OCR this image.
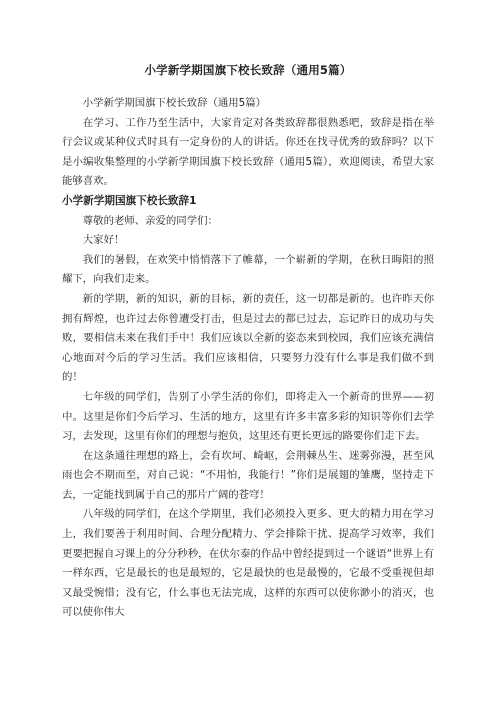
小学新学期国旗下校长致辞（通用5篇）

小学新学期国旗下校长致辞（通用5篇）

在学习、工作乃至生活中，大家肯定对各类致辞都很熟悉吧，致辞是指在举行会议或某种仪式时具有一定身份的人的讲话。你还在找寻优秀的致辞吗？以下是小编收集整理的小学新学期国旗下校长致辞（通用5篇），欢迎阅读，希望大家能够喜欢。

小学新学期国旗下校长致辞1

尊敬的老师、亲爱的同学们：

大家好！

我们的暑假，在欢笑中悄悄落下了帷幕，一个崭新的学期，在秋日晦阳的照耀下，向我们走来。

新的学期，新的知识，新的目标，新的责任，这一切都是新的。也许昨天你拥有辉煌，也许过去你曾遭受打击，但是过去的都已过去，忘记昨日的成功与失败，要相信未来在我们手中！我们应该以全新的姿态来到校园，我们应该充满信心地面对今后的学习生活。我们应该相信，只要努力没有什么事是我们做不到的！

七年级的同学们，告别了小学生活的你们，即将走入一个新奇的世界——初中。这里是你们今后学习、生活的地方，这里有许多丰富多彩的知识等你们去学习，去发现，这里有你们的理想与抱负，这里还有更长更远的路要你们走下去。

在这条通往理想的路上，会有坎坷、崎岖，会荆棘丛生、迷雾弥漫，甚至风雨也会不期而至，对自己说：“不用怕，我能行！”你们是展翅的雏鹰，坚持走下去，一定能找到属于自己的那片广阔的苍穹！

八年级的同学们，在这个学期里，我们必须投入更多、更大的精力用在学习上，我们要善于利用时间、合理分配精力、学会排除干扰、提高学习效率，我们更要把握自习课上的分分秒秒，在伏尔泰的作品中曾经提到过一个谜语“世界上有一样东西，它是最长的也是最短的，它是最快的也是最慢的，它最不受重视但却又最受惋惜；没有它，什么事也无法完成，这样的东西可以使你渺小的消灭，也可以使你伟大
